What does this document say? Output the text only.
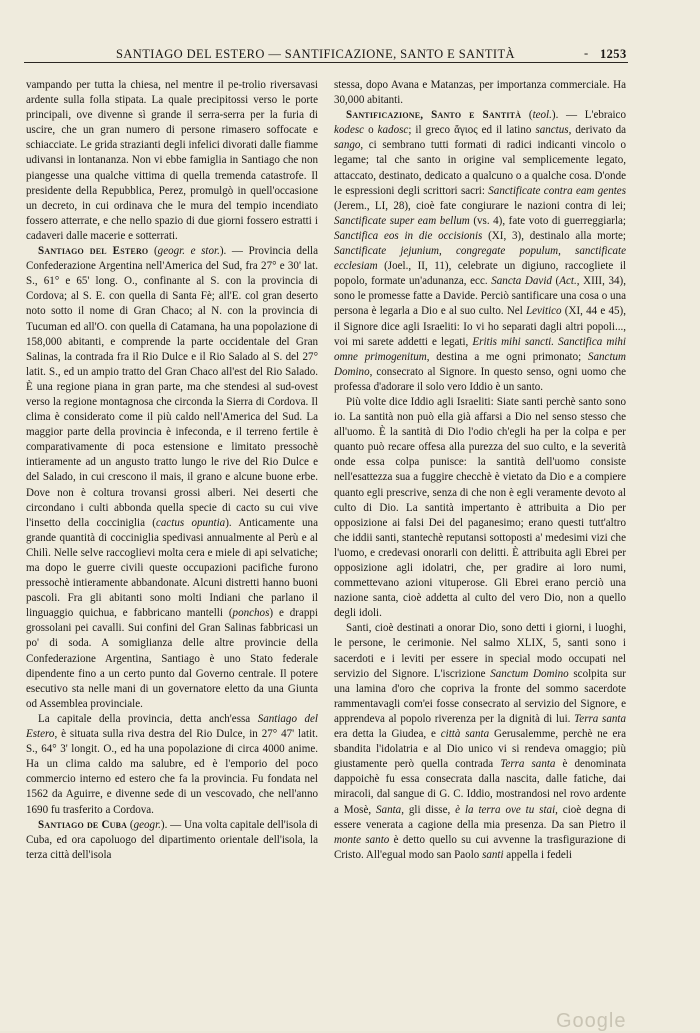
SANTIAGO DEL ESTERO — SANTIFICAZIONE, SANTO E SANTITÀ	- 1253

vampando per tutta la chiesa, nel mentre il pe-trolio riversavasi ardente sulla folla stipata. La quale precipitossi verso le porte principali, ove divenne sì grande il serra-serra per la furia di uscire, che un gran numero di persone rimasero soffocate e schiacciate. Le grida strazianti degli infelici divorati dalle fiamme udivansi in lontananza. Non vi ebbe famiglia in Santiago che non piangesse una qualche vittima di quella tremenda catastrofe. Il presidente della Repubblica, Perez, promulgò in quell'occasione un decreto, in cui ordinava che le mura del tempio incendiato fossero atterrate, e che nello spazio di due giorni fossero estratti i cadaveri dalle macerie e sotterrati.

Santiago del Estero (geogr. e stor.). — Provincia della Confederazione Argentina nell'America del Sud, fra 27° e 30' lat. S., 61° e 65' long. O., confinante al S. con la provincia di Cordova; al S. E. con quella di Santa Fè; all'E. col gran deserto noto sotto il nome di Gran Chaco; al N. con la provincia di Tucuman ed all'O. con quella di Catamana, ha una popolazione di 158,000 abitanti, e comprende la parte occidentale del Gran Salinas, la contrada fra il Rio Dulce e il Rio Salado al S. del 27° latit. S., ed un ampio tratto del Gran Chaco all'est del Rio Salado. È una regione piana in gran parte, ma che stendesi al sud-ovest verso la regione montagnosa che circonda la Sierra di Cordova. Il clima è considerato come il più caldo nell'America del Sud. La maggior parte della provincia è infeconda, e il terreno fertile è comparativamente di poca estensione e limitato pressochè intieramente ad un angusto tratto lungo le rive del Rio Dulce e del Salado, in cui crescono il mais, il grano e alcune buone erbe. Dove non è coltura trovansi grossi alberi. Nei deserti che circondano i culti abbonda quella specie di cacto su cui vive l'insetto della cocciniglia (cactus opuntia). Anticamente una grande quantità di cocciniglia spedivasi annualmente al Perù e al Chilì. Nelle selve raccoglievi molta cera e miele di api selvatiche; ma dopo le guerre civili queste occupazioni pacifiche furono pressochè intieramente abbandonate. Alcuni distretti hanno buoni pascoli. Fra gli abitanti sono molti Indiani che parlano il linguaggio quichua, e fabbricano mantelli (ponchos) e drappi grossolani pei cavalli. Sui confini del Gran Salinas fabbricasi un po' di soda. A somiglianza delle altre provincie della Confederazione Argentina, Santiago è uno Stato federale dipendente fino a un certo punto dal Governo centrale. Il potere esecutivo sta nelle mani di un governatore eletto da una Giunta od Assemblea provinciale.

La capitale della provincia, detta anch'essa Santiago del Estero, è situata sulla riva destra del Rio Dulce, in 27° 47' latit. S., 64° 3' longit. O., ed ha una popolazione di circa 4000 anime. Ha un clima caldo ma salubre, ed è l'emporio del poco commercio interno ed estero che fa la provincia. Fu fondata nel 1562 da Aguirre, e divenne sede di un vescovado, che nell'anno 1690 fu trasferito a Cordova.

Santiago de Cuba (geogr.). — Una volta capitale dell'isola di Cuba, ed ora capoluogo del dipartimento orientale dell'isola, la terza città dell'isola

stessa, dopo Avana e Matanzas, per importanza commerciale. Ha 30,000 abitanti.

Santificazione, Santo e Santità (teol.). — L'ebraico kodesc o kadosc; il greco ἅγιος ed il latino sanctus, derivato da sango, ci sembrano tutti formati di radici indicanti vincolo o legame; tal che santo in origine val semplicemente legato, attaccato, destinato, dedicato a qualcuno o a qualche cosa. D'onde le espressioni degli scrittori sacri: Sanctificate contra eam gentes (Jerem., LI, 28), cioè fate congiurare le nazioni contra di lei; Sanctificate super eam bellum (vs. 4), fate voto di guerreggiarla; Sanctifica eos in die occisionis (XI, 3), destinalo alla morte; Sanctificate jejunium, congregate populum, sanctificate ecclesiam (Joel., II, 11), celebrate un digiuno, raccogliete il popolo, formate un'adunanza, ecc. Sancta David (Act., XIII, 34), sono le promesse fatte a Davide. Perciò santificare una cosa o una persona è legarla a Dio e al suo culto. Nel Levitico (XI, 44 e 45), il Signore dice agli Israeliti: Io vi ho separati dagli altri popoli..., voi mi sarete addetti e legati, Eritis mihi sancti. Sanctifica mihi omne primogenitum, destina a me ogni primonato; Sanctum Domino, consecrato al Signore. In questo senso, ogni uomo che professa d'adorare il solo vero Iddio è un santo.

Più volte dice Iddio agli Israeliti: Siate santi perchè santo sono io. La santità non può ella già affarsi a Dio nel senso stesso che all'uomo. È la santità di Dio l'odio ch'egli ha per la colpa e per quanto può recare offesa alla purezza del suo culto, e la severità onde essa colpa punisce: la santità dell'uomo consiste nell'esattezza sua a fuggire checchè è vietato da Dio e a compiere quanto egli prescrive, senza di che non è egli veramente devoto al culto di Dio. La santità impertanto è attribuita a Dio per opposizione ai falsi Dei del paganesimo; erano questi tutt'altro che iddii santi, stantechè reputansi sottoposti a' medesimi vizi che l'uomo, e credevasi onorarli con delitti. È attribuita agli Ebrei per opposizione agli idolatri, che, per gradire ai loro numi, commettevano azioni vituperose. Gli Ebrei erano perciò una nazione santa, cioè addetta al culto del vero Dio, non a quello degli idoli.

Santi, cioè destinati a onorar Dio, sono detti i giorni, i luoghi, le persone, le cerimonie. Nel salmo XLIX, 5, santi sono i sacerdoti e i leviti per essere in special modo occupati nel servizio del Signore. L'iscrizione Sanctum Domino scolpita sur una lamina d'oro che copriva la fronte del sommo sacerdote rammentavagli com'ei fosse consecrato al servizio del Signore, e apprendeva al popolo riverenza per la dignità di lui. Terra santa era detta la Giudea, e città santa Gerusalemme, perchè ne era sbandita l'idolatria e al Dio unico vi si rendeva omaggio; più giustamente però quella contrada Terra santa è denominata dappoichè fu essa consecrata dalla nascita, dalle fatiche, dai miracoli, dal sangue di G. C. Iddio, mostrandosi nel rovo ardente a Mosè, Santa, gli disse, è la terra ove tu stai, cioè degna di essere venerata a cagione della mia presenza. Da san Pietro il monte santo è detto quello su cui avvenne la trasfigurazione di Cristo. All'egual modo san Paolo santi appella i fedeli

Google
